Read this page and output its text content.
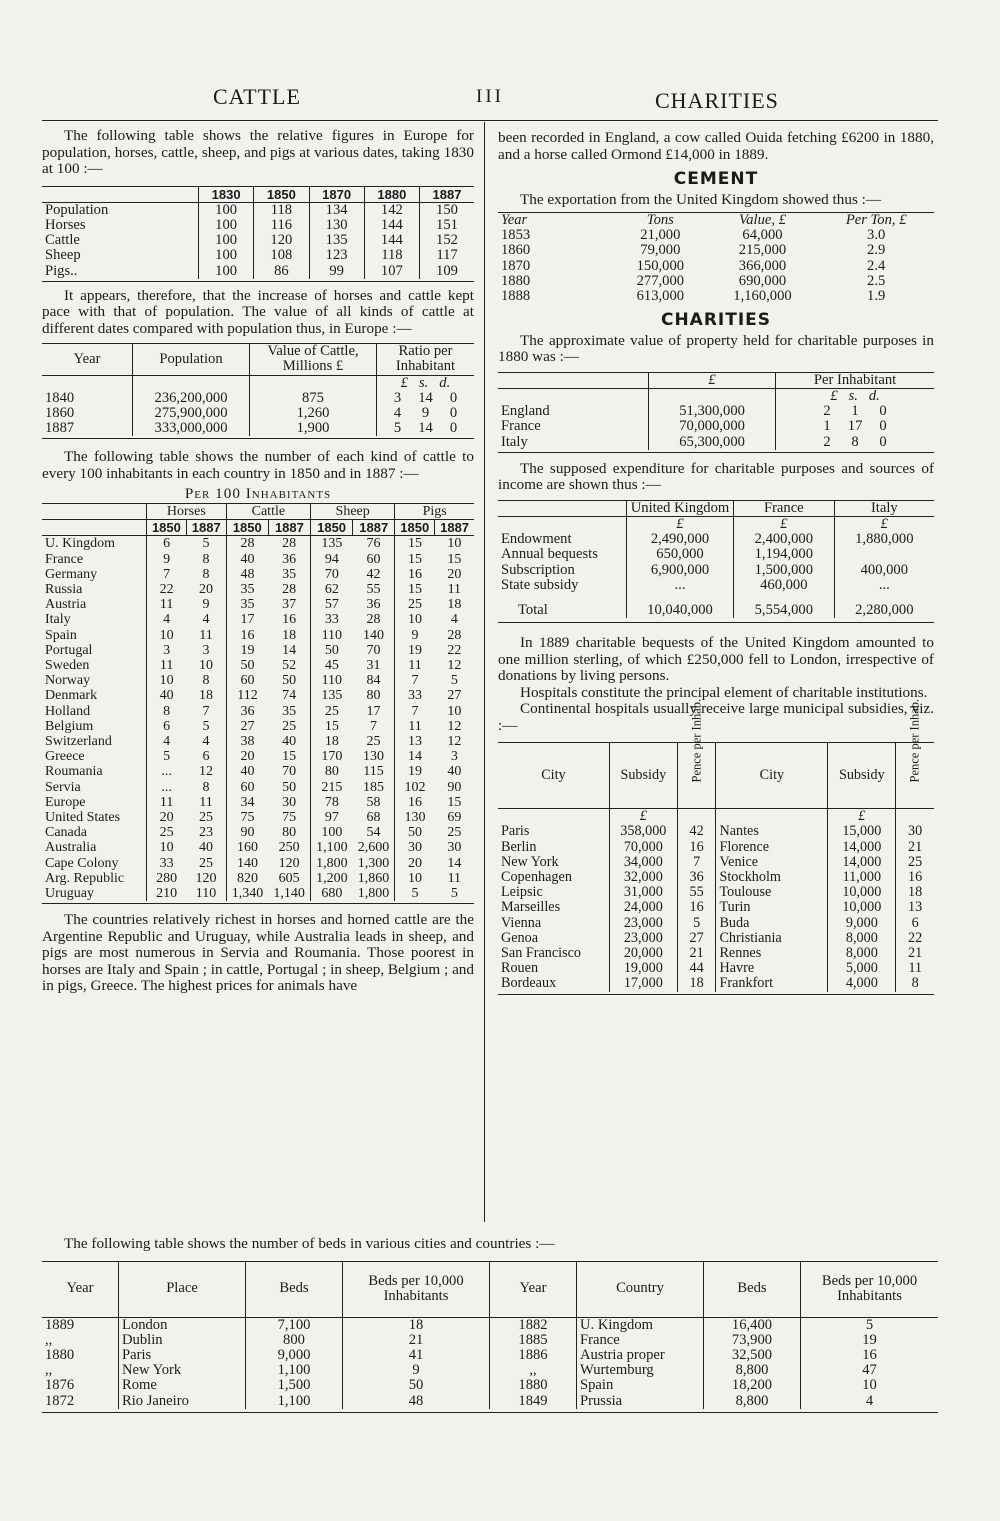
CATTLE	III	CHARITIES

The following table shows the relative figures in Europe for population, horses, cattle, sheep, and pigs at various dates, taking 1830 at 100 :—

	1830	1850	1870	1880	1887
Population	100	118	134	142	150
Horses	100	116	130	144	151
Cattle	100	120	135	144	152
Sheep	100	108	123	118	117
Pigs..	100	86	99	107	109

It appears, therefore, that the increase of horses and cattle kept pace with that of population. The value of all kinds of cattle at different dates compared with population thus, in Europe :—

Year	Population	Value of Cattle, Millions £	Ratio per Inhabitant
			£ s. d.
1840	236,200,000	875	3 14 0
1860	275,900,000	1,260	4 9 0
1887	333,000,000	1,900	5 14 0

The following table shows the number of each kind of cattle to every 100 inhabitants in each country in 1850 and in 1887 :—

Per 100 Inhabitants
	Horses		Cattle		Sheep		Pigs	
	1850	1887	1850	1887	1850	1887	1850	1887
U. Kingdom	6	5	28	28	135	76	15	10
France	9	8	40	36	94	60	15	15
Germany	7	8	48	35	70	42	16	20
Russia	22	20	35	28	62	55	15	11
Austria	11	9	35	37	57	36	25	18
Italy	4	4	17	16	33	28	10	4
Spain	10	11	16	18	110	140	9	28
Portugal	3	3	19	14	50	70	19	22
Sweden	11	10	50	52	45	31	11	12
Norway	10	8	60	50	110	84	7	5
Denmark	40	18	112	74	135	80	33	27
Holland	8	7	36	35	25	17	7	10
Belgium	6	5	27	25	15	7	11	12
Switzerland	4	4	38	40	18	25	13	12
Greece	5	6	20	15	170	130	14	3
Roumania	...	12	40	70	80	115	19	40
Servia	...	8	60	50	215	185	102	90
Europe	11	11	34	30	78	58	16	15
United States	20	25	75	75	97	68	130	69
Canada	25	23	90	80	100	54	50	25
Australia	10	40	160	250	1,100	2,600	30	30
Cape Colony	33	25	140	120	1,800	1,300	20	14
Arg. Republic	280	120	820	605	1,200	1,860	10	11
Uruguay	210	110	1,340	1,140	680	1,800	5	5

The countries relatively richest in horses and horned cattle are the Argentine Republic and Uruguay, while Australia leads in sheep, and pigs are most numerous in Servia and Roumania. Those poorest in horses are Italy and Spain ; in cattle, Portugal ; in sheep, Belgium ; and in pigs, Greece. The highest prices for animals have

been recorded in England, a cow called Ouida fetching £6200 in 1880, and a horse called Ormond £14,000 in 1889.

CEMENT

The exportation from the United Kingdom showed thus :—

Year	Tons	Value, £	Per Ton, £
1853	21,000	64,000	3.0
1860	79,000	215,000	2.9
1870	150,000	366,000	2.4
1880	277,000	690,000	2.5
1888	613,000	1,160,000	1.9
CHARITIES

The approximate value of property held for charitable purposes in 1880 was :—

	£	Per Inhabitant
		£ s. d.
England	51,300,000	2 1 0
France	70,000,000	1 17 0
Italy	65,300,000	2 8 0

The supposed expenditure for charitable purposes and sources of income are shown thus :—

	United Kingdom	France	Italy
	£	£	£
Endowment	2,490,000	2,400,000	1,880,000
Annual bequests	650,000	1,194,000	
Subscription	6,900,000	1,500,000	400,000
State subsidy	...	460,000	...

Total	10,040,000	5,554,000	2,280,000

In 1889 charitable bequests of the United Kingdom amounted to one million sterling, of which £250,000 fell to London, irrespective of donations by living persons.

Hospitals constitute the principal element of charitable institutions.

Continental hospitals usually receive large municipal subsidies, viz. :—

City	Subsidy	Pence per Inhab.	City	Subsidy	Pence per Inhab.

	£			£	
Paris	358,000	42	Nantes	15,000	30
Berlin	70,000	16	Florence	14,000	21
New York	34,000	7	Venice	14,000	25
Copenhagen	32,000	36	Stockholm	11,000	16
Leipsic	31,000	55	Toulouse	10,000	18
Marseilles	24,000	16	Turin	10,000	13
Vienna	23,000	5	Buda	9,000	6
Genoa	23,000	27	Christiania	8,000	22
San Francisco	20,000	21	Rennes	8,000	21
Rouen	19,000	44	Havre	5,000	11
Bordeaux	17,000	18	Frankfort	4,000	8

The following table shows the number of beds in various cities and countries :—

Year	Place	Beds	Beds per 10,000 Inhabitants	Year	Country	Beds	Beds per 10,000 Inhabitants
1889	London	7,100	18	1882	U. Kingdom	16,400	5
,,	Dublin	800	21	1885	France	73,900	19
1880	Paris	9,000	41	1886	Austria proper	32,500	16
,,	New York	1,100	9	,,	Wurtemburg	8,800	47
1876	Rome	1,500	50	1880	Spain	18,200	10
1872	Rio Janeiro	1,100	48	1849	Prussia	8,800	4
